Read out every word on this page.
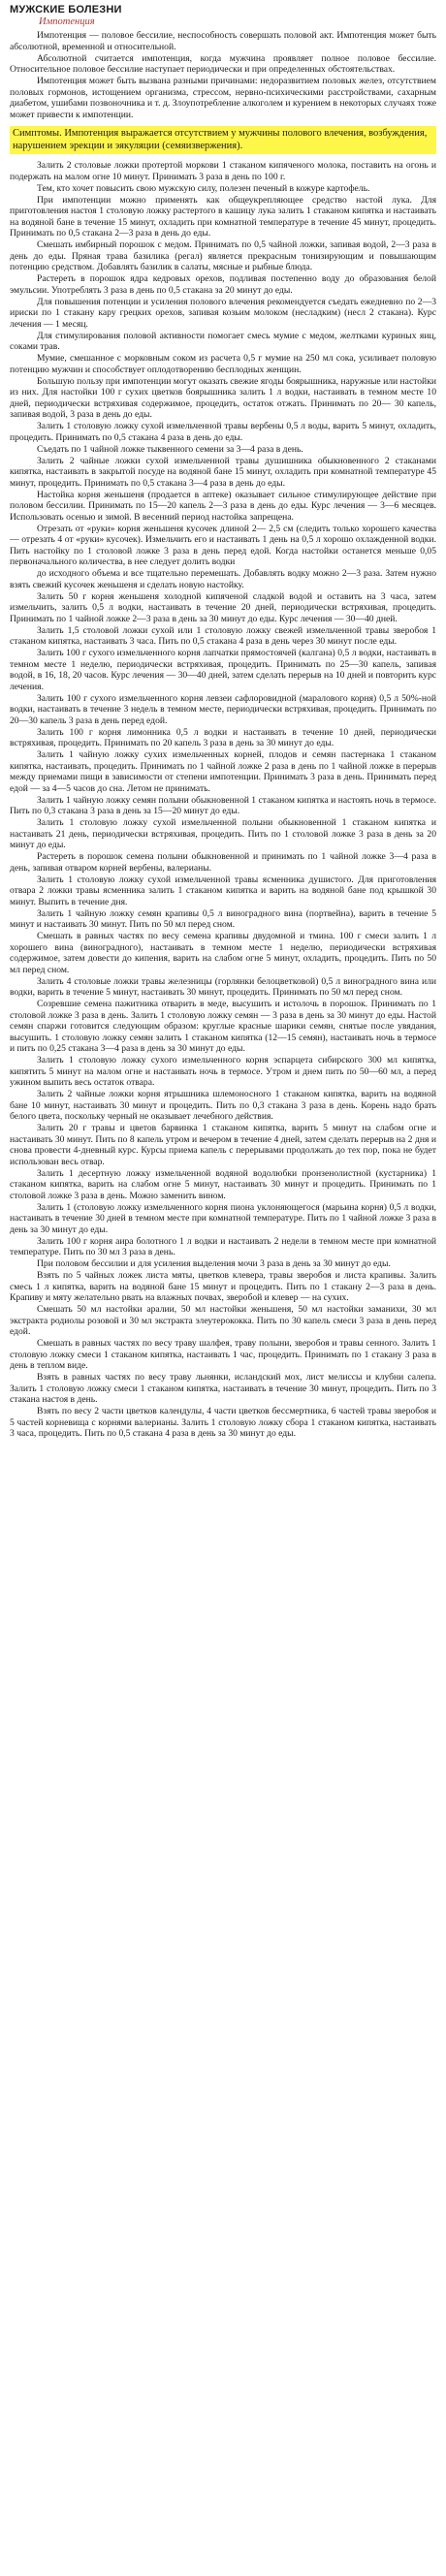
МУЖСКИЕ БОЛЕЗНИ
Импотенция

Импотенция — половое бессилие, неспособность совершать половой акт. Импотенция может быть абсолютной, временной и относительной.

Абсолютной считается импотенция, когда мужчина проявляет полное половое бессилие. Относительное половое бессилие наступает периодически и при определенных обстоятельствах.

Импотенция может быть вызвана разными причинами: недоразвитием половых желез, отсутствием половых гормонов, истощением организма, стрессом, нервно-психическими расстройствами, сахарным диабетом, ушибами позвоночника и т. д. Злоупотребление алкоголем и курением в некоторых случаях тоже может привести к импотенции.

Симптомы. Импотенция выражается отсутствием у мужчины полового влечения, возбуждения, нарушением эрекции и эякуляции (семяизвержения).

Залить 2 столовые ложки протертой моркови 1 стаканом кипяченого молока, поставить на огонь и подержать на малом огне 10 минут. Принимать 3 раза в день по 100 г.

Тем, кто хочет повысить свою мужскую силу, полезен печеный в кожуре картофель.

При импотенции можно применять как общеукрепляющее средство настой лука. Для приготовления настоя 1 столовую ложку растертого в кашицу лука залить 1 стаканом кипятка и настаивать на водяной бане в течение 15 минут, охладить при комнатной температуре в течение 45 минут, процедить. Принимать по 0,5 стакана 2—3 раза в день до еды.

Смешать имбирный порошок с медом. Принимать по 0,5 чайной ложки, запивая водой, 2—3 раза в день до еды. Пряная трава базилика (регал) является прекрасным тонизирующим и повышающим потенцию средством. Добавлять базилик в салаты, мясные и рыбные блюда.

Растереть в порошок ядра кедровых орехов, подливая постепенно воду до образования белой эмульсии. Употреблять 3 раза в день по 0,5 стакана за 20 минут до еды.

Для повышения потенции и усиления полового влечения рекомендуется съедать ежедневно по 2—3 ириски по 1 стакану кару грецких орехов, запивая козьим молоком (несладким) (несл 2 стакана). Курс лечения — 1 месяц.

Для стимулирования половой активности помогает смесь мумие с медом, желтками куриных яиц, соками трав.

Мумие, смешанное с морковным соком из расчета 0,5 г мумие на 250 мл сока, усиливает половую потенцию мужчин и способствует оплодотворению бесплодных женщин.

Большую пользу при импотенции могут оказать свежие ягоды боярышника, наружные или настойки из них. Для настойки 100 г сухих цветков боярышника залить 1 л водки, настаивать в темном месте 10 дней, периодически встряхивая содержимое, процедить, остаток отжать. Принимать по 20— 30 капель, запивая водой, 3 раза в день до еды.

Залить 1 столовую ложку сухой измельченной травы вербены 0,5 л воды, варить 5 минут, охладить, процедить. Принимать по 0,5 стакана 4 раза в день до еды.

Съедать по 1 чайной ложке тыквенного семени за 3—4 раза в день.

Залить 2 чайные ложки сухой измельченной травы душишника обыкновенного 2 стаканами кипятка, настаивать в закрытой посуде на водяной бане 15 минут, охладить при комнатной температуре 45 минут, процедить. Принимать по 0,5 стакана 3—4 раза в день до еды.

Настойка корня женьшеня (продается в аптеке) оказывает сильное стимулирующее действие при половом бессилии. Принимать по 15—20 капель 2—3 раза в день до еды. Курс лечения — 3—6 месяцев. Использовать осенью и зимой. В весенний период настойка запрещена.

Отрезать от «руки» корня женьшеня кусочек длиной 2— 2,5 см (следить только хорошего качества — отрезать 4 от «руки» кусочек). Измельчить его и настаивать 1 день на 0,5 л хорошо охлажденной водки. Пить настойку по 1 столовой ложке 3 раза в день перед едой. Когда настойки останется меньше 0,05 первоначального количества, в нее следует долить водки

до исходного объема и все тщательно перемешать. Добавлять водку можно 2—3 раза. Затем нужно взять свежий кусочек женьшеня и сделать новую настойку.

Залить 50 г корня женьшеня холодной кипяченой сладкой водой и оставить на 3 часа, затем измельчить, залить 0,5 л водки, настаивать в течение 20 дней, периодически встряхивая, процедить. Принимать по 1 чайной ложке 2—3 раза в день за 30 минут до еды. Курс лечения — 30—40 дней.

Залить 1,5 столовой ложки сухой или 1 столовую ложку свежей измельченной травы зверобоя 1 стаканом кипятка, настаивать 3 часа. Пить по 0,5 стакана 4 раза в день через 30 минут после еды.

Залить 100 г сухого измельченного корня лапчатки прямостоячей (калгана) 0,5 л водки, настаивать в темном месте 1 неделю, периодически встряхивая, процедить. Принимать по 25—30 капель, запивая водой, в 16, 18, 20 часов. Курс лечения — 30—40 дней, затем сделать перерыв на 10 дней и повторить курс лечения.

Залить 100 г сухого измельченного корня левзеи сафлоровидной (маралового корня) 0,5 л 50%-ной водки, настаивать в течение 3 недель в темном месте, периодически встряхивая, процедить. Принимать по 20—30 капель 3 раза в день перед едой.

Залить 100 г корня лимонника 0,5 л водки и настаивать в течение 10 дней, периодически встряхивая, процедить. Принимать по 20 капель 3 раза в день за 30 минут до еды.

Залить 1 чайную ложку сухих измельченных корней, плодов и семян пастернака 1 стаканом кипятка, настаивать, процедить. Принимать по 1 чайной ложке 2 раза в день по 1 чайной ложке в перерыв между приемами пищи в зависимости от степени импотенции. Принимать 3 раза в день. Принимать перед едой — за 4—5 часов до сна. Летом не принимать.

Залить 1 чайную ложку семян полыни обыкновенной 1 стаканом кипятка и настоять ночь в термосе. Пить по 0,3 стакана 3 раза в день за 15—20 минут до еды.

Залить 1 столовую ложку сухой измельченной полыни обыкновенной 1 стаканом кипятка и настаивать 21 день, периодически встряхивая, процедить. Пить по 1 столовой ложке 3 раза в день за 20 минут до еды.

Растереть в порошок семена полыни обыкновенной и принимать по 1 чайной ложке 3—4 раза в день, запивая отваром корней вербены, валерианы.

Залить 1 столовую ложку сухой измельченной травы ясменника душистого. Для приготовления отвара 2 ложки травы ясменника залить 1 стаканом кипятка и варить на водяной бане под крышкой 30 минут. Выпить в течение дня.

Залить 1 чайную ложку семян крапивы 0,5 л виноградного вина (портвейна), варить в течение 5 минут и настаивать 30 минут. Пить по 50 мл перед сном.

Смешать в равных частях по весу семена крапивы двудомной и тмина. 100 г смеси залить 1 л хорошего вина (виноградного), настаивать в темном месте 1 неделю, периодически встряхивая содержимое, затем довести до кипения, варить на слабом огне 5 минут, охладить, процедить. Пить по 50 мл перед сном.

Залить 4 столовые ложки травы железницы (горлянки белоцветковой) 0,5 л виноградного вина или водки, варить в течение 5 минут, настаивать 30 минут, процедить. Принимать по 50 мл перед сном.

Созревшие семена пажитника отварить в меде, высушить и истолочь в порошок. Принимать по 1 столовой ложке 3 раза в день. Залить 1 столовую ложку семян — 3 раза в день за 30 минут до еды. Настой семян спаржи готовится следующим образом: круглые красные шарики семян, снятые после увядания, высушить. 1 столовую ложку семян залить 1 стаканом кипятка (12—15 семян), настаивать ночь в термосе и пить по 0,25 стакана 3—4 раза в день за 30 минут до еды.

Залить 1 столовую ложку сухого измельченного корня эспарцета сибирского 300 мл кипятка, кипятить 5 минут на малом огне и настаивать ночь в термосе. Утром и днем пить по 50—60 мл, а перед ужином выпить весь остаток отвара.

Залить 2 чайные ложки корня ятрышника шлемоносного 1 стаканом кипятка, варить на водяной бане 10 минут, настаивать 30 минут и процедить. Пить по 0,3 стакана 3 раза в день. Корень надо брать белого цвета, поскольку черный не оказывает лечебного действия.

Залить 20 г травы и цветов барвинка 1 стаканом кипятка, варить 5 минут на слабом огне и настаивать 30 минут. Пить по 8 капель утром и вечером в течение 4 дней, затем сделать перерыв на 2 дня и снова провести 4-дневный курс. Курсы приема капель с перерывами продолжать до тех пор, пока не будет использован весь отвар.

Залить 1 десертную ложку измельченной водяной водолюбки пронзенолистной (кустарника) 1 стаканом кипятка, варить на слабом огне 5 минут, настаивать 30 минут и процедить. Принимать по 1 столовой ложке 3 раза в день. Можно заменить вином.

Залить 1 (столовую ложку измельченного корня пиона уклоняющегося (марьина корня) 0,5 л водки, настаивать в течение 30 дней в темном месте при комнатной температуре. Пить по 1 чайной ложке 3 раза в день за 30 минут до еды.

Залить 100 г корня аира болотного 1 л водки и настаивать 2 недели в темном месте при комнатной температуре. Пить по 30 мл 3 раза в день.

При половом бессилии и для усиления выделения мочи 3 раза в день за 30 минут до еды.

Взять по 5 чайных ложек листа мяты, цветков клевера, травы зверобоя и листа крапивы. Залить смесь 1 л кипятка, варить на водяной бане 15 минут и процедить. Пить по 1 стакану 2—3 раза в день. Крапиву и мяту желательно рвать на влажных почвах, зверобой и клевер — на сухих.

Смешать 50 мл настойки аралии, 50 мл настойки женьшеня, 50 мл настойки заманихи, 30 мл экстракта родиолы розовой и 30 мл экстракта элеутерококка. Пить по 30 капель смеси 3 раза в день перед едой.

Смешать в равных частях по весу траву шалфея, траву полыни, зверобоя и травы сенного. Залить 1 столовую ложку смеси 1 стаканом кипятка, настаивать 1 час, процедить. Принимать по 1 стакану 3 раза в день в теплом виде.

Взять в равных частях по весу траву льнянки, исландский мох, лист мелиссы и клубни салепа. Залить 1 столовую ложку смеси 1 стаканом кипятка, настаивать в течение 30 минут, процедить. Пить по 3 стакана настоя в день.

Взять по весу 2 части цветков календулы, 4 части цветков бессмертника, 6 частей травы зверобоя и 5 частей корневища с корнями валерианы. Залить 1 столовую ложку сбора 1 стаканом кипятка, настаивать 3 часа, процедить. Пить по 0,5 стакана 4 раза в день за 30 минут до еды.
